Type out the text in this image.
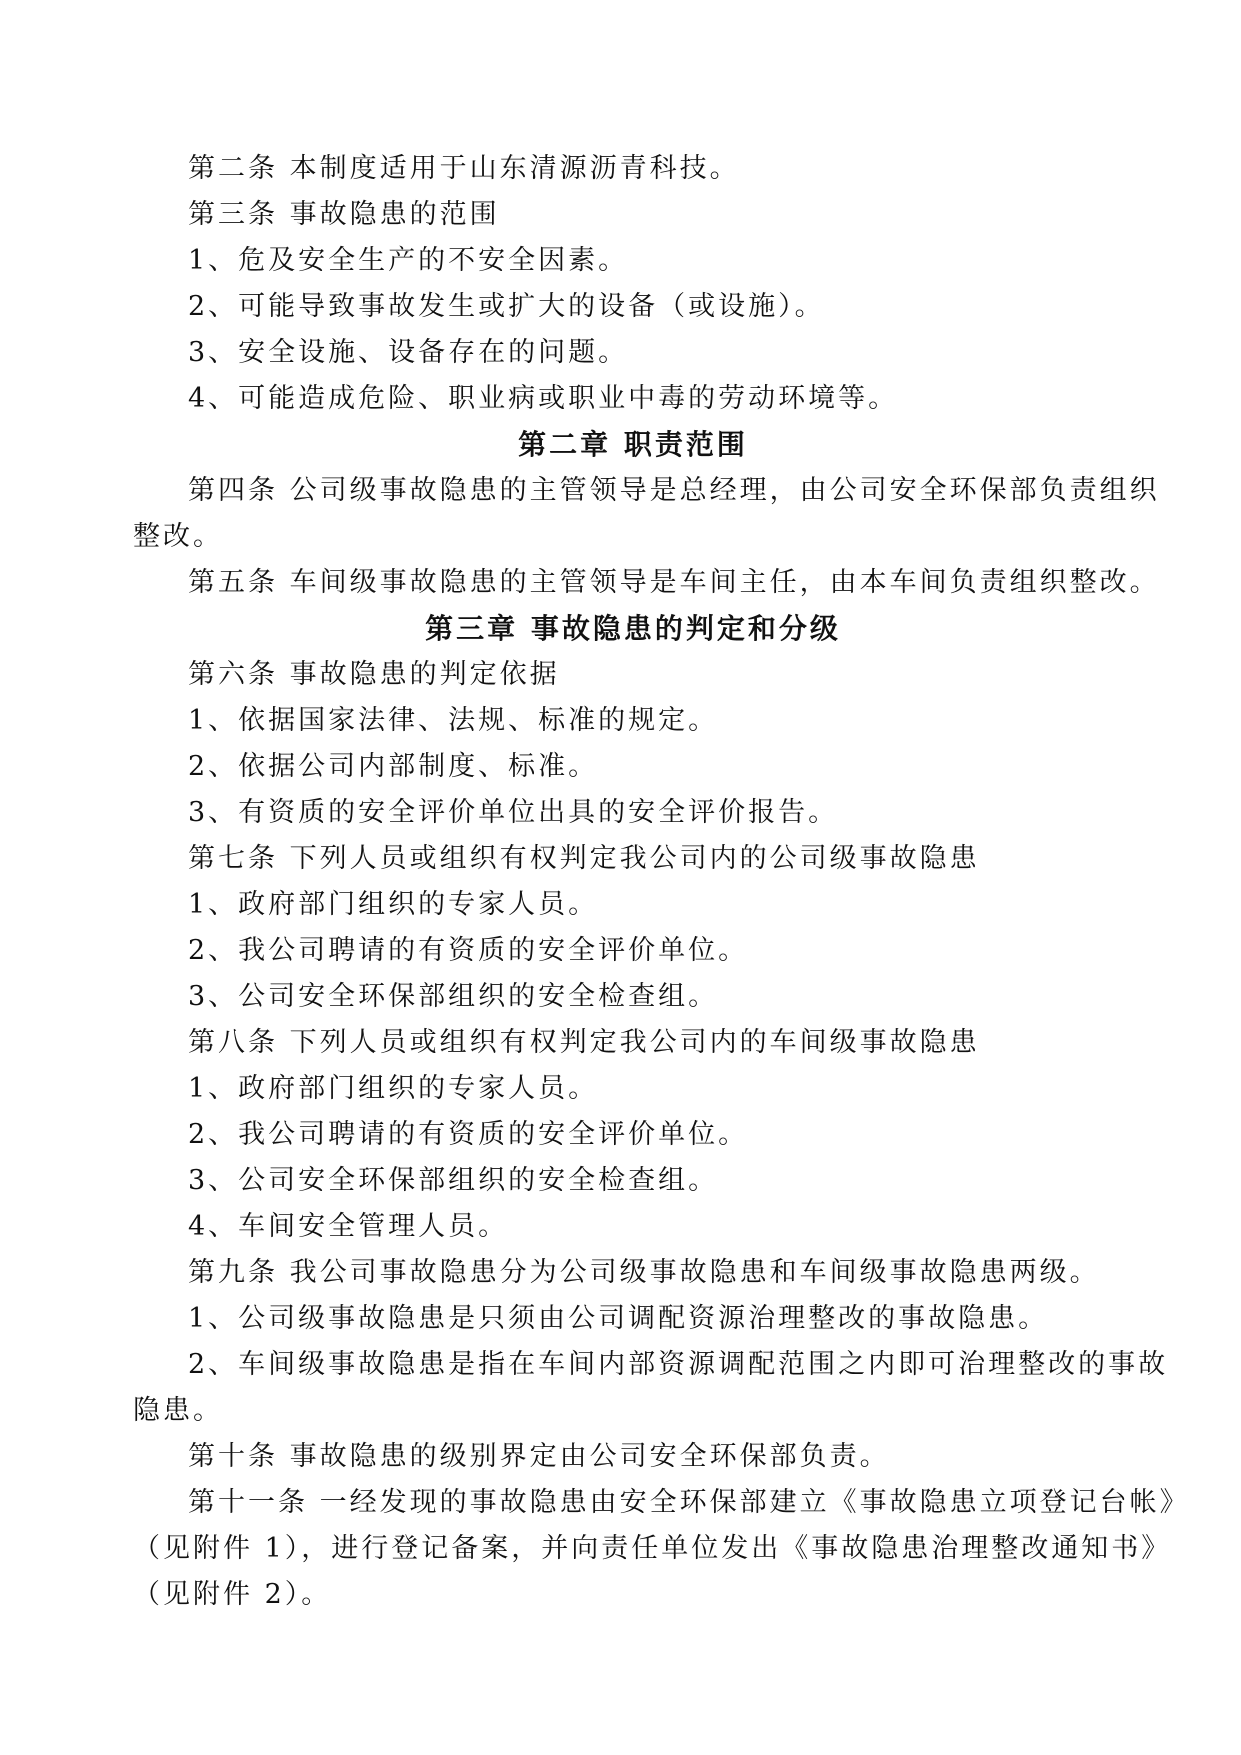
第二条 本制度适用于山东清源沥青科技。
第三条 事故隐患的范围
1、危及安全生产的不安全因素。
2、可能导致事故发生或扩大的设备（或设施）。
3、安全设施、设备存在的问题。
4、可能造成危险、职业病或职业中毒的劳动环境等。
第二章 职责范围
第四条 公司级事故隐患的主管领导是总经理，由公司安全环保部负责组织
整改。
第五条 车间级事故隐患的主管领导是车间主任，由本车间负责组织整改。
第三章 事故隐患的判定和分级
第六条 事故隐患的判定依据
1、依据国家法律、法规、标准的规定。
2、依据公司内部制度、标准。
3、有资质的安全评价单位出具的安全评价报告。
第七条 下列人员或组织有权判定我公司内的公司级事故隐患
1、政府部门组织的专家人员。
2、我公司聘请的有资质的安全评价单位。
3、公司安全环保部组织的安全检查组。
第八条 下列人员或组织有权判定我公司内的车间级事故隐患
1、政府部门组织的专家人员。
2、我公司聘请的有资质的安全评价单位。
3、公司安全环保部组织的安全检查组。
4、车间安全管理人员。
第九条 我公司事故隐患分为公司级事故隐患和车间级事故隐患两级。
1、公司级事故隐患是只须由公司调配资源治理整改的事故隐患。
2、车间级事故隐患是指在车间内部资源调配范围之内即可治理整改的事故
隐患。
第十条 事故隐患的级别界定由公司安全环保部负责。
第十一条 一经发现的事故隐患由安全环保部建立《事故隐患立项登记台帐》
（见附件 1），进行登记备案，并向责任单位发出《事故隐患治理整改通知书》
（见附件 2）。
